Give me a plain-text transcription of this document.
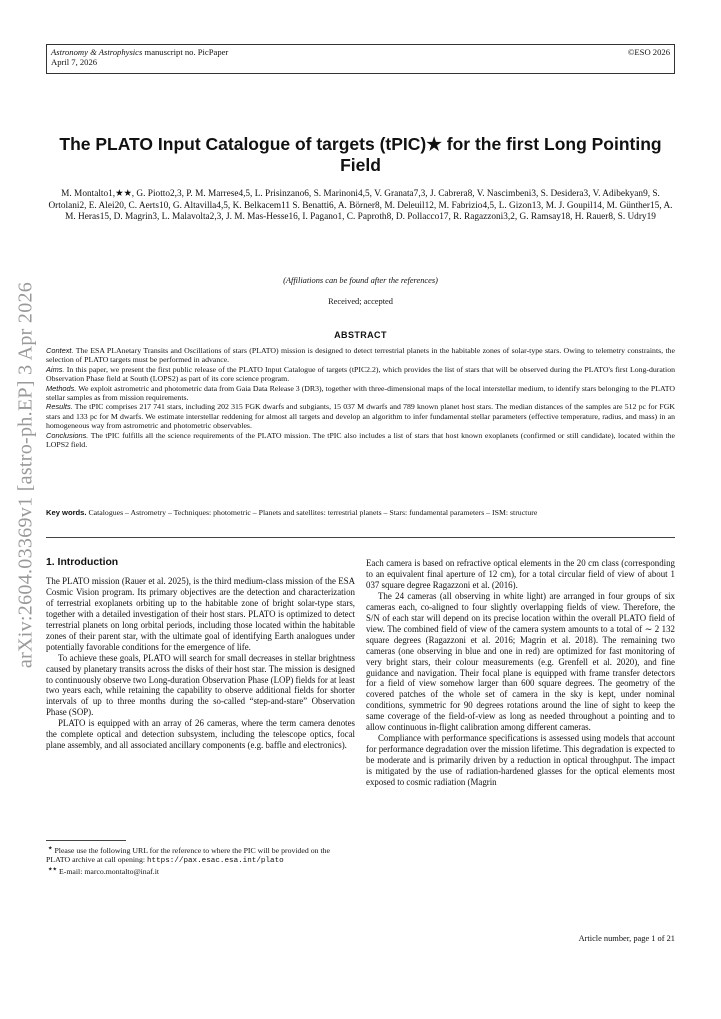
Astronomy & Astrophysics manuscript no. PicPaper
April 7, 2026
©ESO 2026
arXiv:2604.03369v1 [astro-ph.EP] 3 Apr 2026
The PLATO Input Catalogue of targets (tPIC)★ for the first Long Pointing Field
M. Montalto1,★★, G. Piotto2,3, P. M. Marrese4,5, L. Prisinzano6, S. Marinoni4,5, V. Granata7,3, J. Cabrera8, V. Nascimbeni3, S. Desidera3, V. Adibekyan9, S. Ortolani2, E. Alei20, C. Aerts10, G. Altavilla4,5, K. Belkacem11 S. Benatti6, A. Börner8, M. Deleuil12, M. Fabrizio4,5, L. Gizon13, M. J. Goupil14, M. Günther15, A. M. Heras15, D. Magrin3, L. Malavolta2,3, J. M. Mas-Hesse16, I. Pagano1, C. Paproth8, D. Pollacco17, R. Ragazzoni3,2, G. Ramsay18, H. Rauer8, S. Udry19
(Affiliations can be found after the references)
Received; accepted
ABSTRACT

Context. The ESA PLAnetary Transits and Oscillations of stars (PLATO) mission is designed to detect terrestrial planets in the habitable zones of solar-type stars. Owing to telemetry constraints, the selection of PLATO targets must be performed in advance.

Aims. In this paper, we present the first public release of the PLATO Input Catalogue of targets (tPIC2.2), which provides the list of stars that will be observed during the PLATO's first Long-duration Observation Phase field at South (LOPS2) as part of its core science program.

Methods. We exploit astrometric and photometric data from Gaia Data Release 3 (DR3), together with three-dimensional maps of the local interstellar medium, to identify stars belonging to the PLATO stellar samples as from mission requirements.

Results. The tPIC comprises 217 741 stars, including 202 315 FGK dwarfs and subgiants, 15 037 M dwarfs and 789 known planet host stars. The median distances of the samples are 512 pc for FGK stars and 133 pc for M dwarfs. We estimate interstellar reddening for almost all targets and develop an algorithm to infer fundamental stellar parameters (effective temperature, radius, and mass) in an homogeneous way from astrometric and photometric observables.

Conclusions. The tPIC fulfills all the science requirements of the PLATO mission. The tPIC also includes a list of stars that host known exoplanets (confirmed or still candidate), located within the LOPS2 field.

Key words. Catalogues – Astrometry – Techniques: photometric – Planets and satellites: terrestrial planets – Stars: fundamental parameters – ISM: structure
1. Introduction

The PLATO mission (Rauer et al. 2025), is the third medium-class mission of the ESA Cosmic Vision program. Its primary objectives are the detection and characterization of terrestrial exoplanets orbiting up to the habitable zone of bright solar-type stars, together with a detailed investigation of their host stars. PLATO is optimized to detect terrestrial planets on long orbital periods, including those located within the habitable zones of their parent star, with the ultimate goal of identifying Earth analogues under potentially favorable conditions for the emergence of life.

To achieve these goals, PLATO will search for small decreases in stellar brightness caused by planetary transits across the disks of their host star. The mission is designed to continuously observe two Long-duration Observation Phase (LOP) fields for at least two years each, while retaining the capability to observe additional fields for shorter intervals of up to three months during the so-called “step-and-stare” Observation Phase (SOP).

PLATO is equipped with an array of 26 cameras, where the term camera denotes the complete optical and detection subsystem, including the telescope optics, focal plane assembly, and all associated ancillary components (e.g. baffle and electronics).

Each camera is based on refractive optical elements in the 20 cm class (corresponding to an equivalent final aperture of 12 cm), for a total circular field of view of about 1 037 square degree Ragazzoni et al. (2016).

The 24 cameras (all observing in white light) are arranged in four groups of six cameras each, co-aligned to four slightly overlapping fields of view. Therefore, the S/N of each star will depend on its precise location within the overall PLATO field of view. The combined field of view of the camera system amounts to a total of ∼ 2 132 square degrees (Ragazzoni et al. 2016; Magrin et al. 2018). The remaining two cameras (one observing in blue and one in red) are optimized for fast monitoring of very bright stars, their colour measurements (e.g. Grenfell et al. 2020), and fine guidance and navigation. Their focal plane is equipped with frame transfer detectors for a field of view somehow larger than 600 square degrees. The geometry of the covered patches of the whole set of camera in the sky is kept, under nominal conditions, symmetric for 90 degrees rotations around the line of sight to keep the same coverage of the field-of-view as long as needed throughout a pointing and to allow continuous in-flight calibration among different cameras.

Compliance with performance specifications is assessed using models that account for performance degradation over the mission lifetime. This degradation is expected to be moderate and is primarily driven by a reduction in optical throughput. The impact is mitigated by the use of radiation-hardened glasses for the optical elements most exposed to cosmic radiation (Magrin

★ Please use the following URL for the reference to where the PIC will be provided on the PLATO archive at call opening: https://pax.esac.esa.int/plato
★★ E-mail: marco.montalto@inaf.it
Article number, page 1 of 21
